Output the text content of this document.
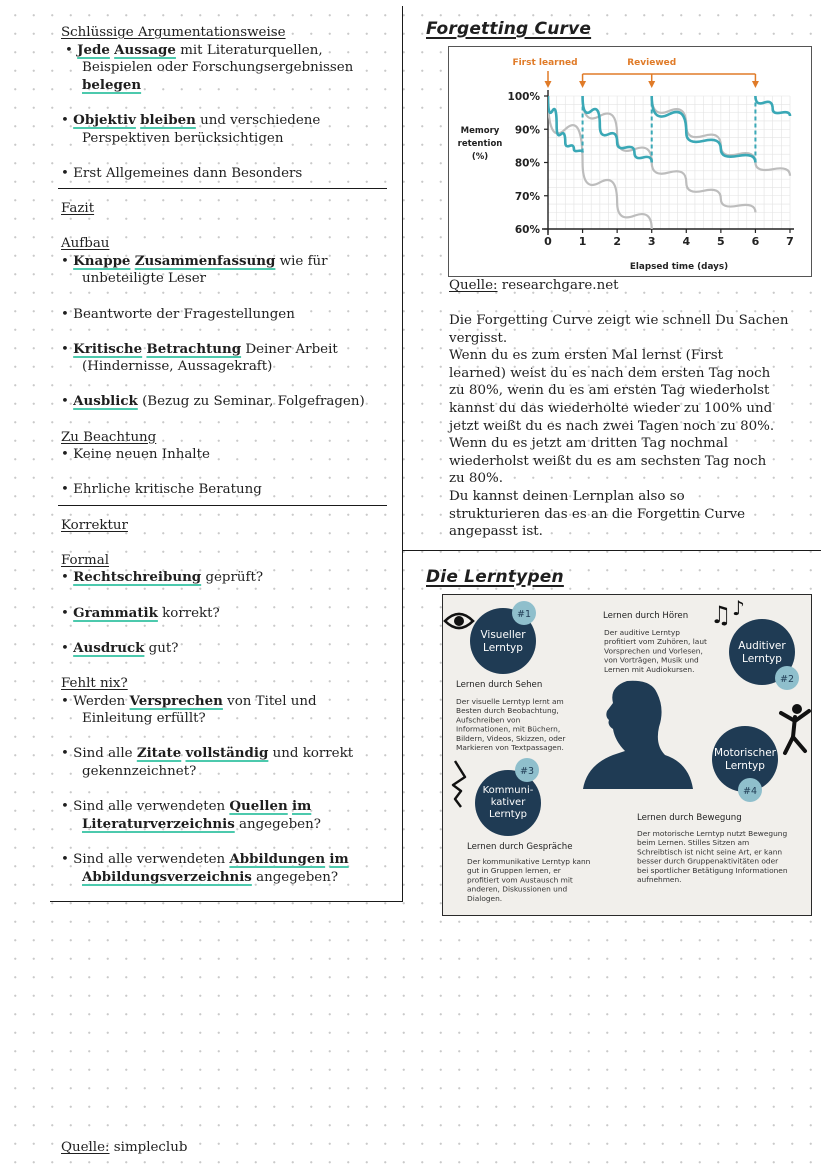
Schlüssige Argumentationsweise
• Jede Aussage mit Literaturquellen,
Beispielen oder Forschungsergebnissen
belegen
• Objektiv bleiben und verschiedene
Perspektiven berücksichtigen
• Erst Allgemeines dann Besonders
Fazit
Aufbau
• Knappe Zusammenfassung wie für
unbeteiligte Leser
• Beantworte der Fragestellungen
• Kritische Betrachtung Deiner Arbeit
(Hindernisse, Aussagekraft)
• Ausblick (Bezug zu Seminar, Folgefragen)
Zu Beachtung
• Keine neuen Inhalte
• Ehrliche kritische Beratung
Korrektur
Formal
• Rechtschreibung geprüft?
• Grammatik korrekt?
• Ausdruck gut?
Fehlt nix?
• Werden Versprechen von Titel und
Einleitung erfüllt?
• Sind alle Zitate vollständig und korrekt
gekennzeichnet?
• Sind alle verwendeten Quellen im
Literaturverzeichnis angegeben?
• Sind alle verwendeten Abbildungen im
Abbildungsverzeichnis angegeben?
Quelle: simpleclub
Forgetting Curve
0 1 2 3 4 5 6 7
60%
70%
80%
90%
100%
Memory
retention
(%)
Elapsed time (days)
First learned	Reviewed
Quelle: researchgare.net
Die Forgetting Curve zeigt wie schnell Du Sachen
vergisst.
Wenn du es zum ersten Mal lernst (First
learned) weist du es nach dem ersten Tag noch
zu 80%, wenn du es am ersten Tag wiederholst
kannst du das wiederholte wieder zu 100% und
jetzt weißt du es nach zwei Tagen noch zu 80%.
Wenn du es jetzt am dritten Tag nochmal
wiederholst weißt du es am sechsten Tag noch
zu 80%.
Du kannst deinen Lernplan also so
strukturieren das es an die Forgettin Curve
angepasst ist.
Die Lerntypen
Visueller
Lerntyp
#1
Lernen durch Sehen
Der visuelle Lerntyp lernt am
Besten durch Beobachtung,
Aufschreiben von
Informationen, mit Büchern,
Bildern, Videos, Skizzen, oder
Markieren von Textpassagen.
Lernen durch Hören
Der auditive Lerntyp
profitiert vom Zuhören, laut
Vorsprechen und Vorlesen,
von Vorträgen, Musik und
Lernen mit Audiokursen.
♫ ♪
Auditiver
Lerntyp
#2
Motorischer
Lerntyp
#4
Kommuni-
kativer
Lerntyp
#3
Lernen durch Gespräche
Der kommunikative Lerntyp kann
gut in Gruppen lernen, er
profitiert vom Austausch mit
anderen, Diskussionen und
Dialogen.
Lernen durch Bewegung
Der motorische Lerntyp nutzt Bewegung
beim Lernen. Stilles Sitzen am
Schreibtisch ist nicht seine Art, er kann
besser durch Gruppenaktivitäten oder
bei sportlicher Betätigung Informationen
aufnehmen.
